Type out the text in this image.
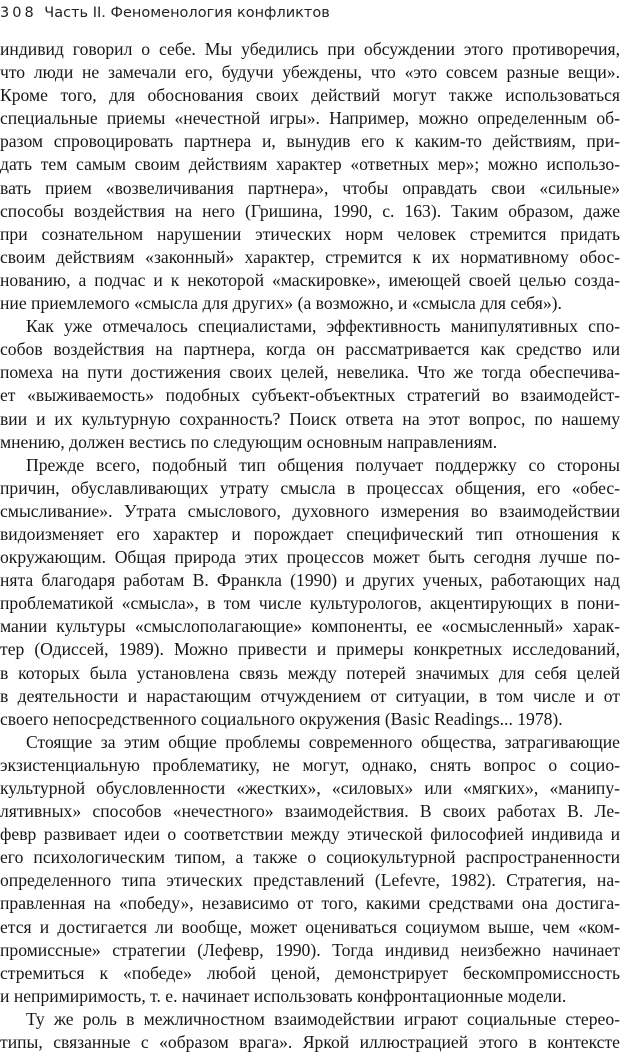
308 Часть II. Феноменология конфликтов
индивид говорил о себе. Мы убедились при обсуждении этого противоречия,
что люди не замечали его, будучи убеждены, что «это совсем разные вещи».
Кроме того, для обоснования своих действий могут также использоваться
специальные приемы «нечестной игры». Например, можно определенным об-
разом спровоцировать партнера и, вынудив его к каким-то действиям, при-
дать тем самым своим действиям характер «ответных мер»; можно использо-
вать прием «возвеличивания партнера», чтобы оправдать свои «сильные»
способы воздействия на него (Гришина, 1990, с. 163). Таким образом, даже
при сознательном нарушении этических норм человек стремится придать
своим действиям «законный» характер, стремится к их нормативному обос-
нованию, а подчас и к некоторой «маскировке», имеющей своей целью созда-
ние приемлемого «смысла для других» (а возможно, и «смысла для себя»).
Как уже отмечалось специалистами, эффективность манипулятивных спо-
собов воздействия на партнера, когда он рассматривается как средство или
помеха на пути достижения своих целей, невелика. Что же тогда обеспечива-
ет «выживаемость» подобных субъект-объектных стратегий во взаимодейст-
вии и их культурную сохранность? Поиск ответа на этот вопрос, по нашему
мнению, должен вестись по следующим основным направлениям.
Прежде всего, подобный тип общения получает поддержку со стороны
причин, обуславливающих утрату смысла в процессах общения, его «обес-
смысливание». Утрата смыслового, духовного измерения во взаимодействии
видоизменяет его характер и порождает специфический тип отношения к
окружающим. Общая природа этих процессов может быть сегодня лучше по-
нята благодаря работам В. Франкла (1990) и других ученых, работающих над
проблематикой «смысла», в том числе культурологов, акцентирующих в пони-
мании культуры «смыслополагающие» компоненты, ее «осмысленный» харак-
тер (Одиссей, 1989). Можно привести и примеры конкретных исследований,
в которых была установлена связь между потерей значимых для себя целей
в деятельности и нарастающим отчуждением от ситуации, в том числе и от
своего непосредственного социального окружения (Basic Readings... 1978).
Стоящие за этим общие проблемы современного общества, затрагивающие
экзистенциальную проблематику, не могут, однако, снять вопрос о социо-
культурной обусловленности «жестких», «силовых» или «мягких», «манипу-
лятивных» способов «нечестного» взаимодействия. В своих работах В. Ле-
февр развивает идеи о соответствии между этической философией индивида и
его психологическим типом, а также о социокультурной распространенности
определенного типа этических представлений (Lefevre, 1982). Стратегия, на-
правленная на «победу», независимо от того, какими средствами она достига-
ется и достигается ли вообще, может оцениваться социумом выше, чем «ком-
промиссные» стратегии (Лефевр, 1990). Тогда индивид неизбежно начинает
стремиться к «победе» любой ценой, демонстрирует бескомпромиссность
и непримиримость, т. е. начинает использовать конфронтационные модели.
Ту же роль в межличностном взаимодействии играют социальные стерео-
типы, связанные с «образом врага». Яркой иллюстрацией этого в контексте
